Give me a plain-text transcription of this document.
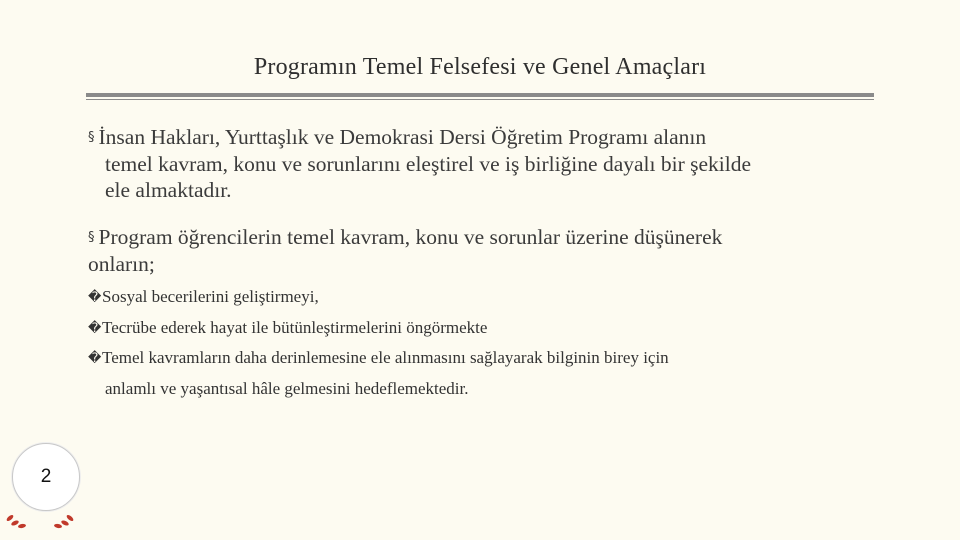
Programın Temel Felsefesi ve Genel Amaçları
§ İnsan Hakları, Yurttaşlık ve Demokrasi Dersi Öğretim Programı alanın
temel kavram, konu ve sorunlarını eleştirel ve iş birliğine dayalı bir şekilde
ele almaktadır.
§ Program öğrencilerin temel kavram, konu ve sorunlar üzerine düşünerek
onların;
�Sosyal becerilerini geliştirmeyi,
�Tecrübe ederek hayat ile bütünleştirmelerini öngörmekte
�Temel kavramların daha derinlemesine ele alınmasını sağlayarak bilginin birey için
anlamlı ve yaşantısal hâle gelmesini hedeflemektedir.
2
